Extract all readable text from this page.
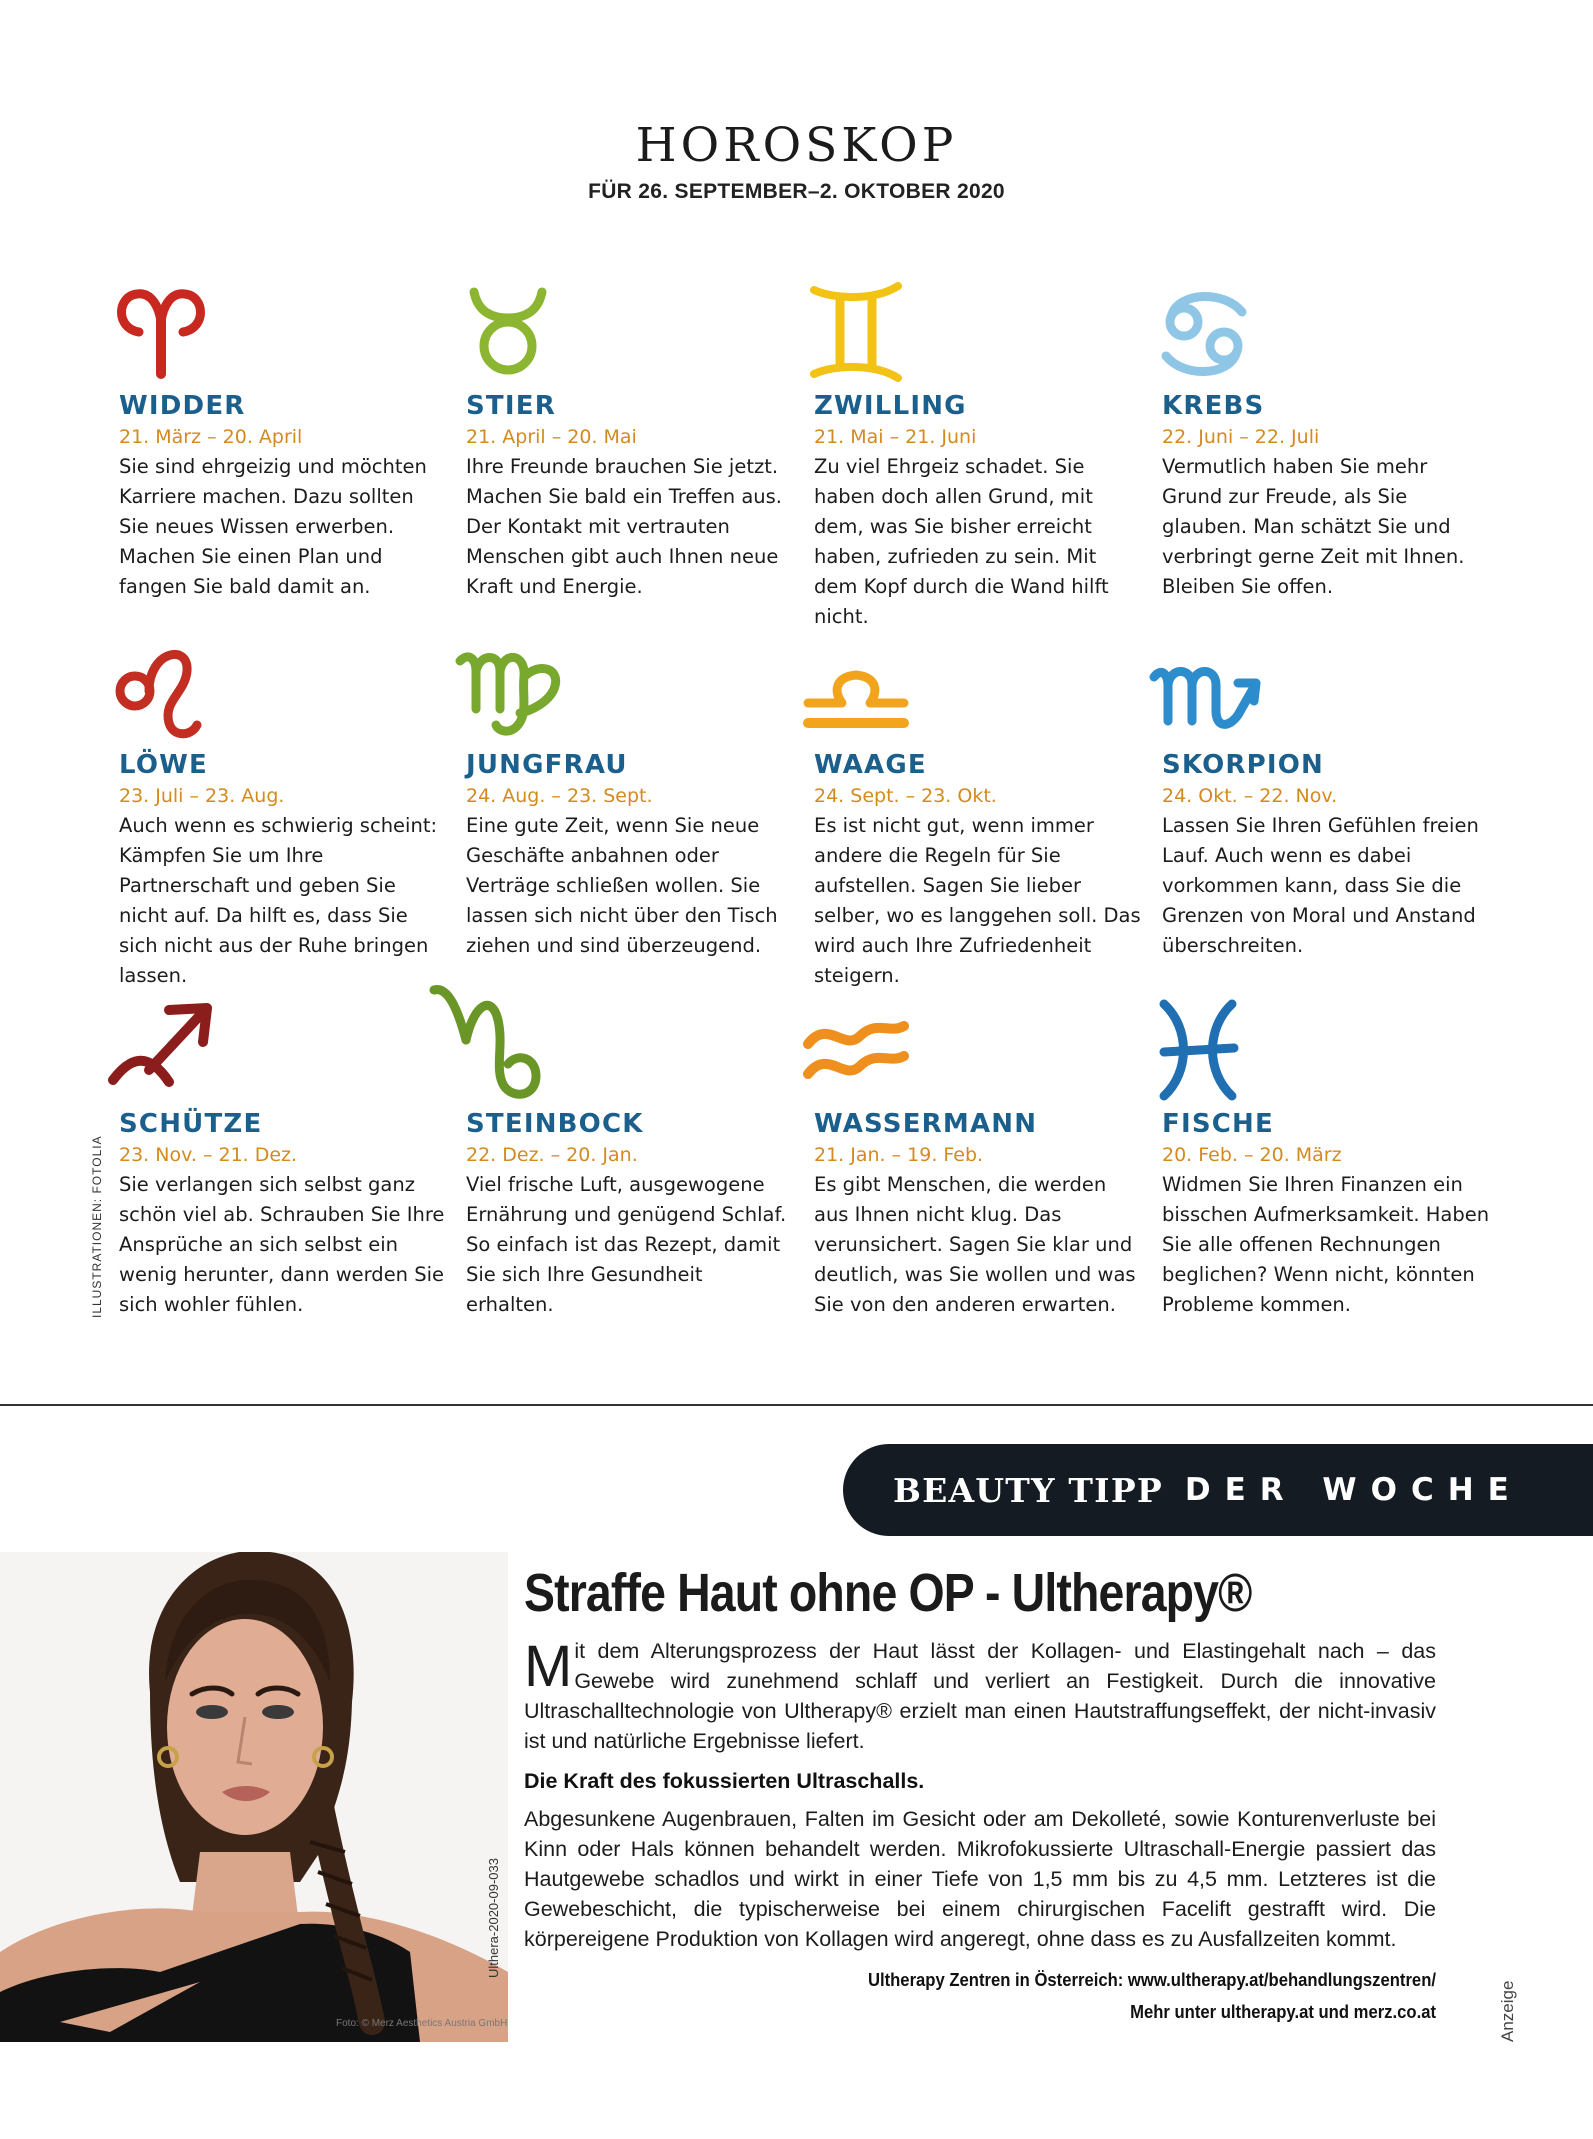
HOROSKOP
FÜR 26. SEPTEMBER–2. OKTOBER 2020
WIDDER
21. März – 20. April
Sie sind ehrgeizig und möchten Karriere machen. Dazu sollten Sie neues Wissen erwerben. Machen Sie einen Plan und fangen Sie bald damit an.
STIER
21. April – 20. Mai
Ihre Freunde brauchen Sie jetzt. Machen Sie bald ein Treffen aus. Der Kontakt mit vertrauten Menschen gibt auch Ihnen neue Kraft und Energie.
ZWILLING
21. Mai – 21. Juni
Zu viel Ehrgeiz schadet. Sie haben doch allen Grund, mit dem, was Sie bisher erreicht haben, zufrieden zu sein. Mit dem Kopf durch die Wand hilft nicht.
KREBS
22. Juni – 22. Juli
Vermutlich haben Sie mehr Grund zur Freude, als Sie glauben. Man schätzt Sie und verbringt gerne Zeit mit Ihnen. Bleiben Sie offen.
LÖWE
23. Juli – 23. Aug.
Auch wenn es schwierig scheint: Kämpfen Sie um Ihre Partnerschaft und geben Sie nicht auf. Da hilft es, dass Sie sich nicht aus der Ruhe bringen lassen.
JUNGFRAU
24. Aug. – 23. Sept.
Eine gute Zeit, wenn Sie neue Geschäfte anbahnen oder Verträge schließen wollen. Sie lassen sich nicht über den Tisch ziehen und sind überzeugend.
WAAGE
24. Sept. – 23. Okt.
Es ist nicht gut, wenn immer andere die Regeln für Sie aufstellen. Sagen Sie lieber selber, wo es langgehen soll. Das wird auch Ihre Zufriedenheit steigern.
SKORPION
24. Okt. – 22. Nov.
Lassen Sie Ihren Gefühlen freien Lauf. Auch wenn es dabei vorkommen kann, dass Sie die Grenzen von Moral und Anstand überschreiten.
SCHÜTZE
23. Nov. – 21. Dez.
Sie verlangen sich selbst ganz schön viel ab. Schrauben Sie Ihre Ansprüche an sich selbst ein wenig herunter, dann werden Sie sich wohler fühlen.
STEINBOCK
22. Dez. – 20. Jan.
Viel frische Luft, ausgewogene Ernährung und genügend Schlaf. So einfach ist das Rezept, damit Sie sich Ihre Gesundheit erhalten.
WASSERMANN
21. Jan. – 19. Feb.
Es gibt Menschen, die werden aus Ihnen nicht klug. Das verunsichert. Sagen Sie klar und deutlich, was Sie wollen und was Sie von den anderen erwarten.
FISCHE
20. Feb. – 20. März
Widmen Sie Ihren Finanzen ein bisschen Aufmerksamkeit. Haben Sie alle offenen Rechnungen beglichen? Wenn nicht, könnten Probleme kommen.
ILLUSTRATIONEN: FOTOLIA
BEAUTY TIPP DER WOCHE
Foto: © Merz Aesthetics Austria GmbH
Ulthera-2020-09-033
Straffe Haut ohne OP - Ultherapy®

Mit dem Alterungsprozess der Haut lässt der Kollagen- und Elastingehalt nach – das Gewebe wird zunehmend schlaff und verliert an Festigkeit. Durch die innovative Ultraschalltechnologie von Ultherapy® erzielt man einen Hautstraffungseffekt, der nicht-invasiv ist und natürliche Ergebnisse liefert.

Die Kraft des fokussierten Ultraschalls.

Abgesunkene Augenbrauen, Falten im Gesicht oder am Dekolleté, sowie Konturenverluste bei Kinn oder Hals können behandelt werden. Mikrofokussierte Ultraschall-Energie passiert das Hautgewebe schadlos und wirkt in einer Tiefe von 1,5 mm bis zu 4,5 mm. Letzteres ist die Gewebeschicht, die typischerweise bei einem chirurgischen Facelift gestrafft wird. Die körpereigene Produktion von Kollagen wird angeregt, ohne dass es zu Ausfallzeiten kommt.

Ultherapy Zentren in Österreich: www.ultherapy.at/behandlungszentren/
Mehr unter ultherapy.at und merz.co.at	Anzeige
